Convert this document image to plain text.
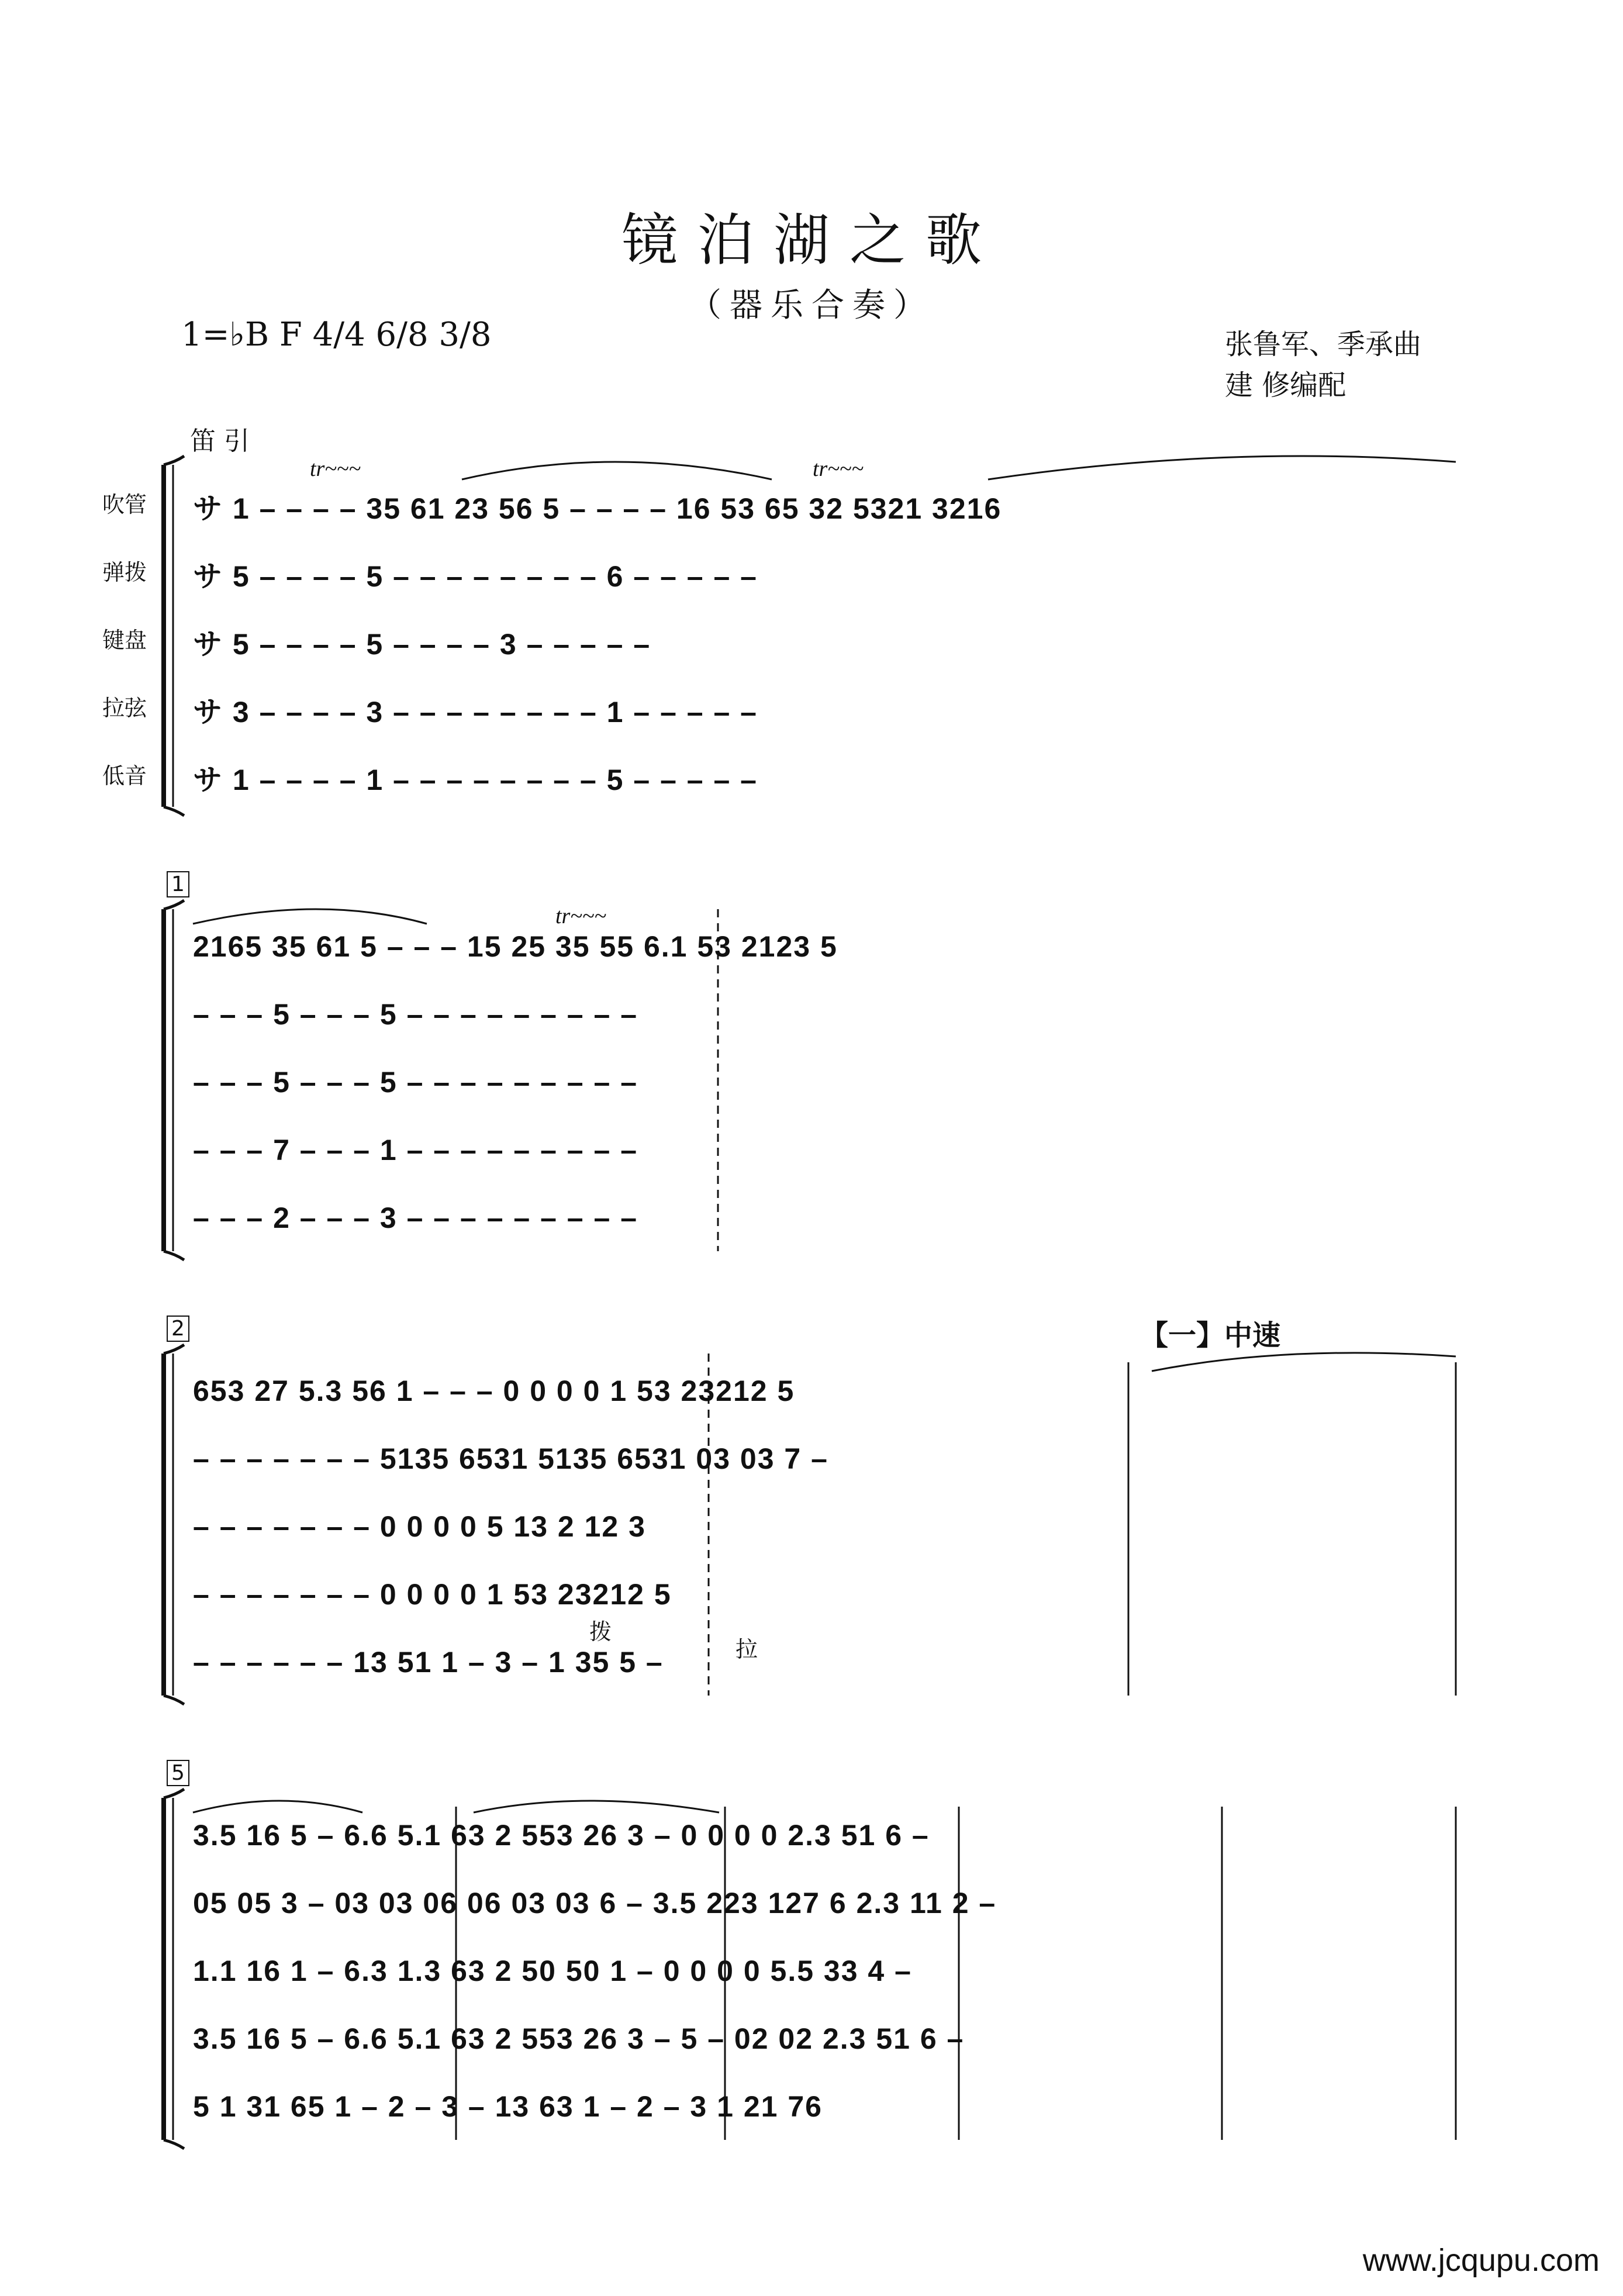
镜泊湖之歌
（器乐合奏）
1=♭B F 4/4 6/8 3/8	张鲁军、季承曲
建 修编配
笛 引
吹管
弹拨
键盘
拉弦
低音
tr~~~	tr~~~
tr~~~
1
2
5
【一】中速
拨
拉
サ 1 – – – – 35 61 23 56 5 – – – – 16 53 65 32 5321 3216
サ 5 – – – – 5 – – – – – – – – 6 – – – – –
サ 5 – – – – 5 – – – – 3 – – – – –
サ 3 – – – – 3 – – – – – – – – 1 – – – – –
サ 1 – – – – 1 – – – – – – – – 5 – – – – –
2165 35 61 5 – – – 15 25 35 55 6.1 53 2123 5
– – – 5 – – – 5 – – – – – – – – –
– – – 5 – – – 5 – – – – – – – – –
– – – 7 – – – 1 – – – – – – – – –
– – – 2 – – – 3 – – – – – – – – –
653 27 5.3 56 1 – – – 0 0 0 0 1 53 23212 5
– – – – – – – 5135 6531 5135 6531 03 03 7 –
– – – – – – – 0 0 0 0 5 13 2 12 3
– – – – – – – 0 0 0 0 1 53 23212 5
– – – – – – 13 51 1 – 3 – 1 35 5 –
3.5 16 5 – 6.6 5.1 63 2 553 26 3 – 0 0 0 0 2.3 51 6 –
05 05 3 – 03 03 06 06 03 03 6 – 3.5 223 127 6 2.3 11 2 –
1.1 16 1 – 6.3 1.3 63 2 50 50 1 – 0 0 0 0 5.5 33 4 –
3.5 16 5 – 6.6 5.1 63 2 553 26 3 – 5 – 02 02 2.3 51 6 –
5 1 31 65 1 – 2 – 3 – 13 63 1 – 2 – 3 1 21 76
www.jcqupu.com
